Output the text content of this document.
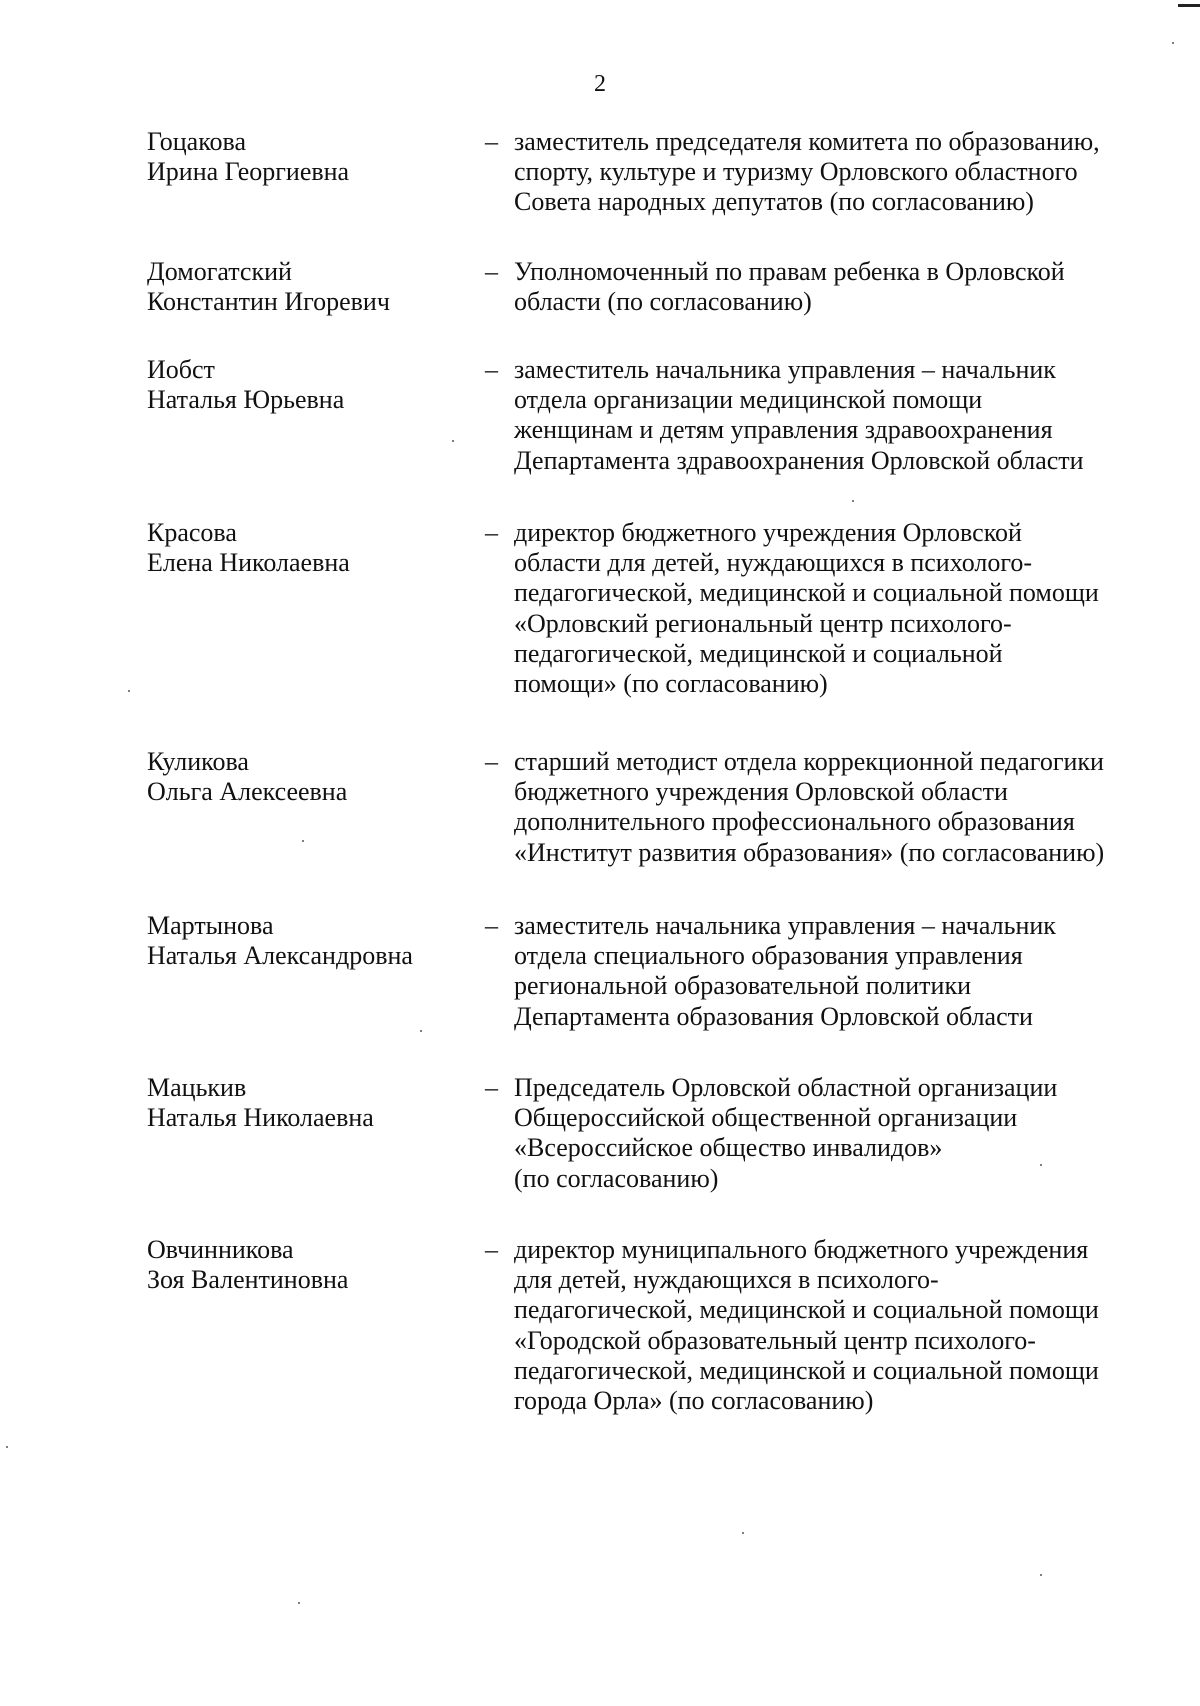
2
Гоцакова
Ирина Георгиевна
– заместитель председателя комитета по образованию,
спорту, культуре и туризму Орловского областного
Совета народных депутатов (по согласованию)
Домогатский
Константин Игоревич
– Уполномоченный по правам ребенка в Орловской
области (по согласованию)
Иобст
Наталья Юрьевна
– заместитель начальника управления – начальник
отдела организации медицинской помощи
женщинам и детям управления здравоохранения
Департамента здравоохранения Орловской области
Красова
Елена Николаевна
– директор бюджетного учреждения Орловской
области для детей, нуждающихся в психолого-
педагогической, медицинской и социальной помощи
«Орловский региональный центр психолого-
педагогической, медицинской и социальной
помощи» (по согласованию)
Куликова
Ольга Алексеевна
– старший методист отдела коррекционной педагогики
бюджетного учреждения Орловской области
дополнительного профессионального образования
«Институт развития образования» (по согласованию)
Мартынова
Наталья Александровна
– заместитель начальника управления – начальник
отдела специального образования управления
региональной образовательной политики
Департамента образования Орловской области
Мацькив
Наталья Николаевна
– Председатель Орловской областной организации
Общероссийской общественной организации
«Всероссийское общество инвалидов»
(по согласованию)
Овчинникова
Зоя Валентиновна
– директор муниципального бюджетного учреждения
для детей, нуждающихся в психолого-
педагогической, медицинской и социальной помощи
«Городской образовательный центр психолого-
педагогической, медицинской и социальной помощи
города Орла» (по согласованию)
